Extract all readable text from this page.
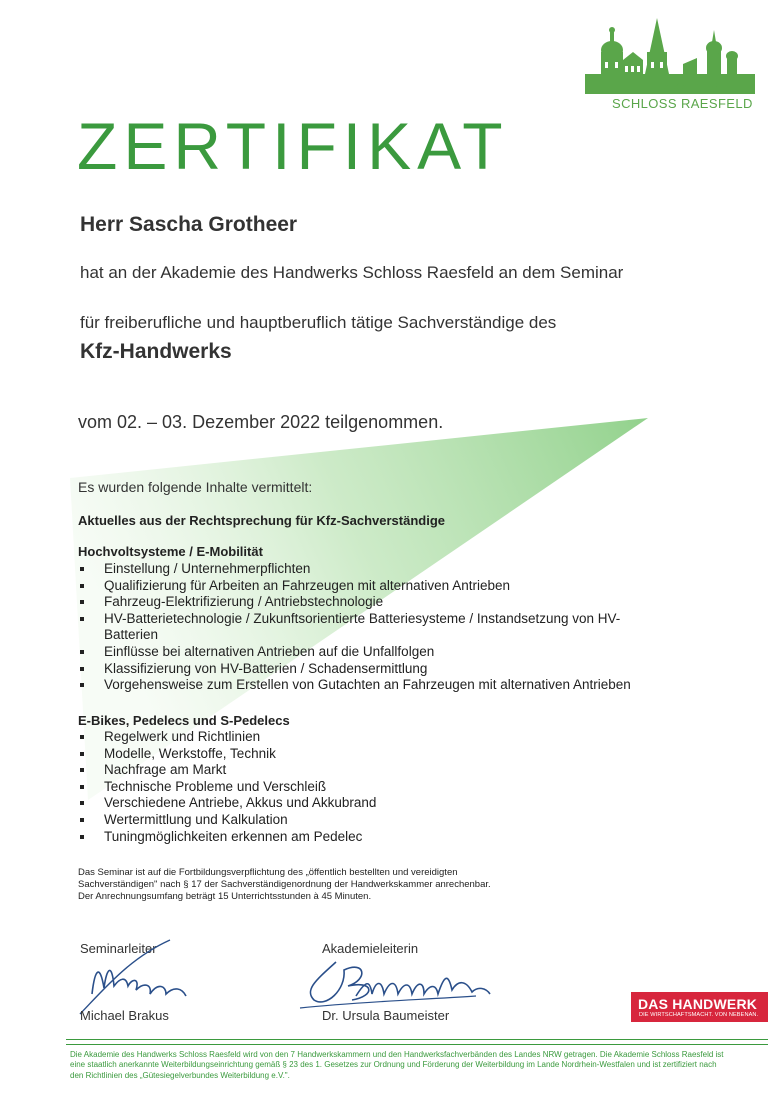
AKADEMIE
SCHLOSS RAESFELD
ZERTIFIKAT
Herr Sascha Grotheer
hat an der Akademie des Handwerks Schloss Raesfeld an dem Seminar
für freiberufliche und hauptberuflich tätige Sachverständige des
Kfz-Handwerks
vom 02. – 03. Dezember 2022 teilgenommen.
Es wurden folgende Inhalte vermittelt:
Aktuelles aus der Rechtsprechung für Kfz-Sachverständige
Hochvoltsysteme / E-Mobilität
Einstellung / Unternehmerpflichten
Qualifizierung für Arbeiten an Fahrzeugen mit alternativen Antrieben
Fahrzeug-Elektrifizierung / Antriebstechnologie
HV-Batterietechnologie / Zukunftsorientierte Batteriesysteme / Instandsetzung von HV-Batterien
Einflüsse bei alternativen Antrieben auf die Unfallfolgen
Klassifizierung von HV-Batterien / Schadensermittlung
Vorgehensweise zum Erstellen von Gutachten an Fahrzeugen mit alternativen Antrieben
E-Bikes, Pedelecs und S-Pedelecs
Regelwerk und Richtlinien
Modelle, Werkstoffe, Technik
Nachfrage am Markt
Technische Probleme und Verschleiß
Verschiedene Antriebe, Akkus und Akkubrand
Wertermittlung und Kalkulation
Tuningmöglichkeiten erkennen am Pedelec
Das Seminar ist auf die Fortbildungsverpflichtung des „öffentlich bestellten und vereidigten
Sachverständigen" nach § 17 der Sachverständigenordnung der Handwerkskammer anrechenbar.
Der Anrechnungsumfang beträgt 15 Unterrichtsstunden à 45 Minuten.
Seminarleiter
Michael Brakus
Akademieleiterin
Dr. Ursula Baumeister
DAS HANDWERK
DIE WIRTSCHAFTSMACHT. VON NEBENAN.
Die Akademie des Handwerks Schloss Raesfeld wird von den 7 Handwerkskammern und den Handwerksfachverbänden des Landes NRW getragen. Die Akademie Schloss Raesfeld ist
eine staatlich anerkannte Weiterbildungseinrichtung gemäß § 23 des 1. Gesetzes zur Ordnung und Förderung der Weiterbildung im Lande Nordrhein-Westfalen und ist zertifiziert nach
den Richtlinien des „Gütesiegelverbundes Weiterbildung e.V.".
